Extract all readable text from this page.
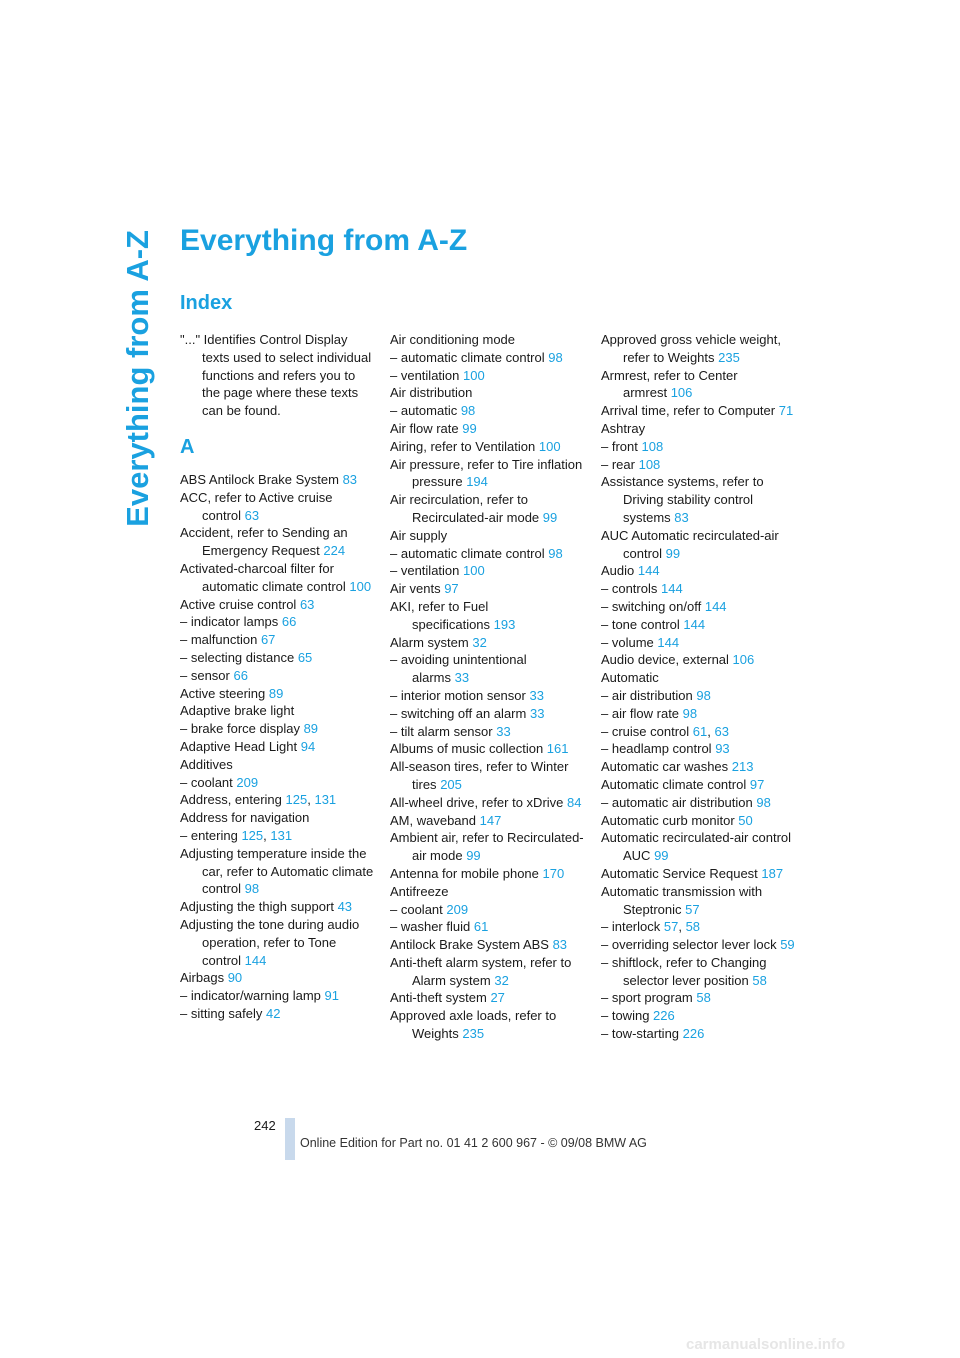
Everything from A-Z Everything from A-Z
Index

"..." Identifies Control Display texts used to select individual functions and refers you to the page where these texts can be found.

A

ABS Antilock Brake System 83

ACC, refer to Active cruise control 63

Accident, refer to Sending an Emergency Request 224

Activated-charcoal filter for automatic climate control 100

Active cruise control 63

– indicator lamps 66

– malfunction 67

– selecting distance 65

– sensor 66

Active steering 89

Adaptive brake light

– brake force display 89

Adaptive Head Light 94

Additives

– coolant 209

Address, entering 125, 131

Address for navigation

– entering 125, 131

Adjusting temperature inside the car, refer to Automatic climate control 98

Adjusting the thigh support 43

Adjusting the tone during audio operation, refer to Tone control 144

Airbags 90

– indicator/warning lamp 91

– sitting safely 42

Air conditioning mode

– automatic climate control 98

– ventilation 100

Air distribution

– automatic 98

Air flow rate 99

Airing, refer to Ventilation 100

Air pressure, refer to Tire inflation pressure 194

Air recirculation, refer to Recirculated-air mode 99

Air supply

– automatic climate control 98

– ventilation 100

Air vents 97

AKI, refer to Fuel specifications 193

Alarm system 32

– avoiding unintentional alarms 33

– interior motion sensor 33

– switching off an alarm 33

– tilt alarm sensor 33

Albums of music collection 161

All-season tires, refer to Winter tires 205

All-wheel drive, refer to xDrive 84

AM, waveband 147

Ambient air, refer to Recirculated-air mode 99

Antenna for mobile phone 170

Antifreeze

– coolant 209

– washer fluid 61

Antilock Brake System ABS 83

Anti-theft alarm system, refer to Alarm system 32

Anti-theft system 27

Approved axle loads, refer to Weights 235

Approved gross vehicle weight, refer to Weights 235

Armrest, refer to Center armrest 106

Arrival time, refer to Computer 71

Ashtray

– front 108

– rear 108

Assistance systems, refer to Driving stability control systems 83

AUC Automatic recirculated-air control 99

Audio 144

– controls 144

– switching on/off 144

– tone control 144

– volume 144

Audio device, external 106

Automatic

– air distribution 98

– air flow rate 98

– cruise control 61, 63

– headlamp control 93

Automatic car washes 213

Automatic climate control 97

– automatic air distribution 98

Automatic curb monitor 50

Automatic recirculated-air control AUC 99

Automatic Service Request 187

Automatic transmission with Steptronic 57

– interlock 57, 58

– overriding selector lever lock 59

– shiftlock, refer to Changing selector lever position 58

– sport program 58

– towing 226

– tow-starting 226

242
Online Edition for Part no. 01 41 2 600 967 - © 09/08 BMW AG
carmanualsonline.info
